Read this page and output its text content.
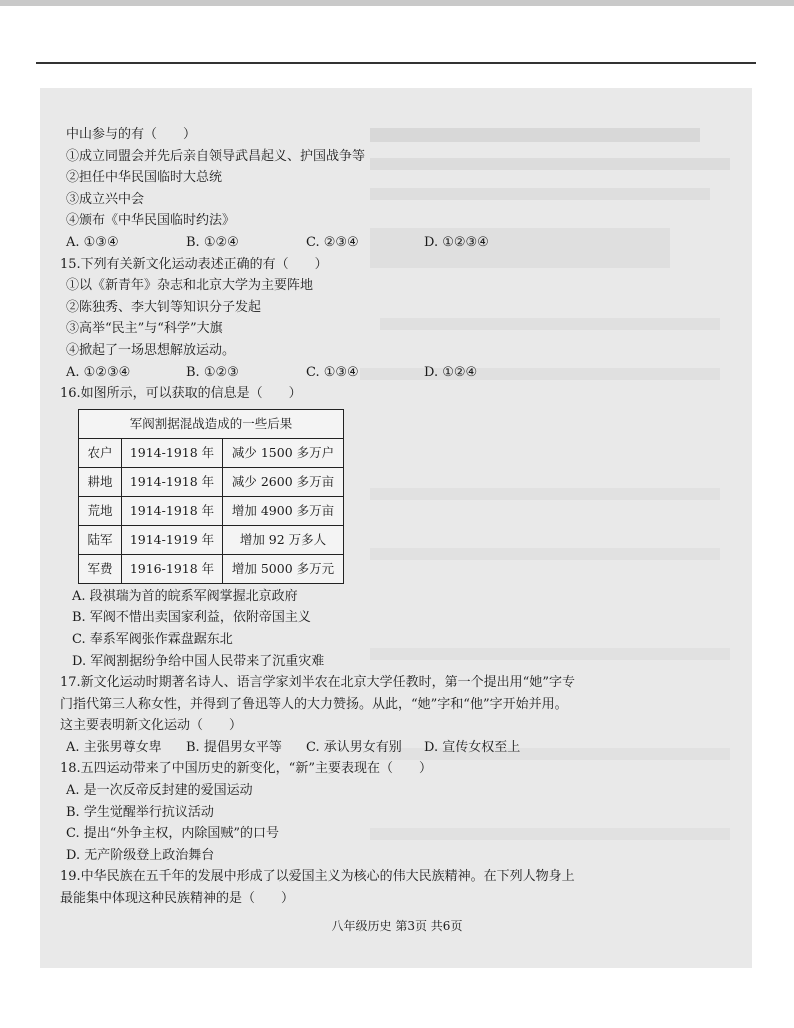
中山参与的有（　　）
①成立同盟会并先后亲自领导武昌起义、护国战争等
②担任中华民国临时大总统
③成立兴中会
④颁布《中华民国临时约法》
A. ①③④	B. ①②④	C. ②③④	D. ①②③④
15.下列有关新文化运动表述正确的有（　　）
①以《新青年》杂志和北京大学为主要阵地
②陈独秀、李大钊等知识分子发起
③高举“民主”与“科学”大旗
④掀起了一场思想解放运动。
A. ①②③④	B. ①②③	C. ①③④	D. ①②④
16.如图所示，可以获取的信息是（　　）
军阀割据混战造成的一些后果		
农户	1914-1918 年	减少 1500 多万户
耕地	1914-1918 年	减少 2600 多万亩
荒地	1914-1918 年	增加 4900 多万亩
陆军	1914-1919 年	增加 92 万多人
军费	1916-1918 年	增加 5000 多万元
A. 段祺瑞为首的皖系军阀掌握北京政府
B. 军阀不惜出卖国家利益，依附帝国主义
C. 奉系军阀张作霖盘踞东北
D. 军阀割据纷争给中国人民带来了沉重灾难
17.新文化运动时期著名诗人、语言学家刘半农在北京大学任教时，第一个提出用“她”字专门指代第三人称女性，并得到了鲁迅等人的大力赞扬。从此，“她”字和“他”字开始并用。这主要表明新文化运动（　　）
A. 主张男尊女卑	B. 提倡男女平等	C. 承认男女有别	D. 宣传女权至上
18.五四运动带来了中国历史的新变化，“新”主要表现在（　　）
A. 是一次反帝反封建的爱国运动
B. 学生觉醒举行抗议活动
C. 提出“外争主权，内除国贼”的口号
D. 无产阶级登上政治舞台
19.中华民族在五千年的发展中形成了以爱国主义为核心的伟大民族精神。在下列人物身上最能集中体现这种民族精神的是（　　）
八年级历史 第3页 共6页
